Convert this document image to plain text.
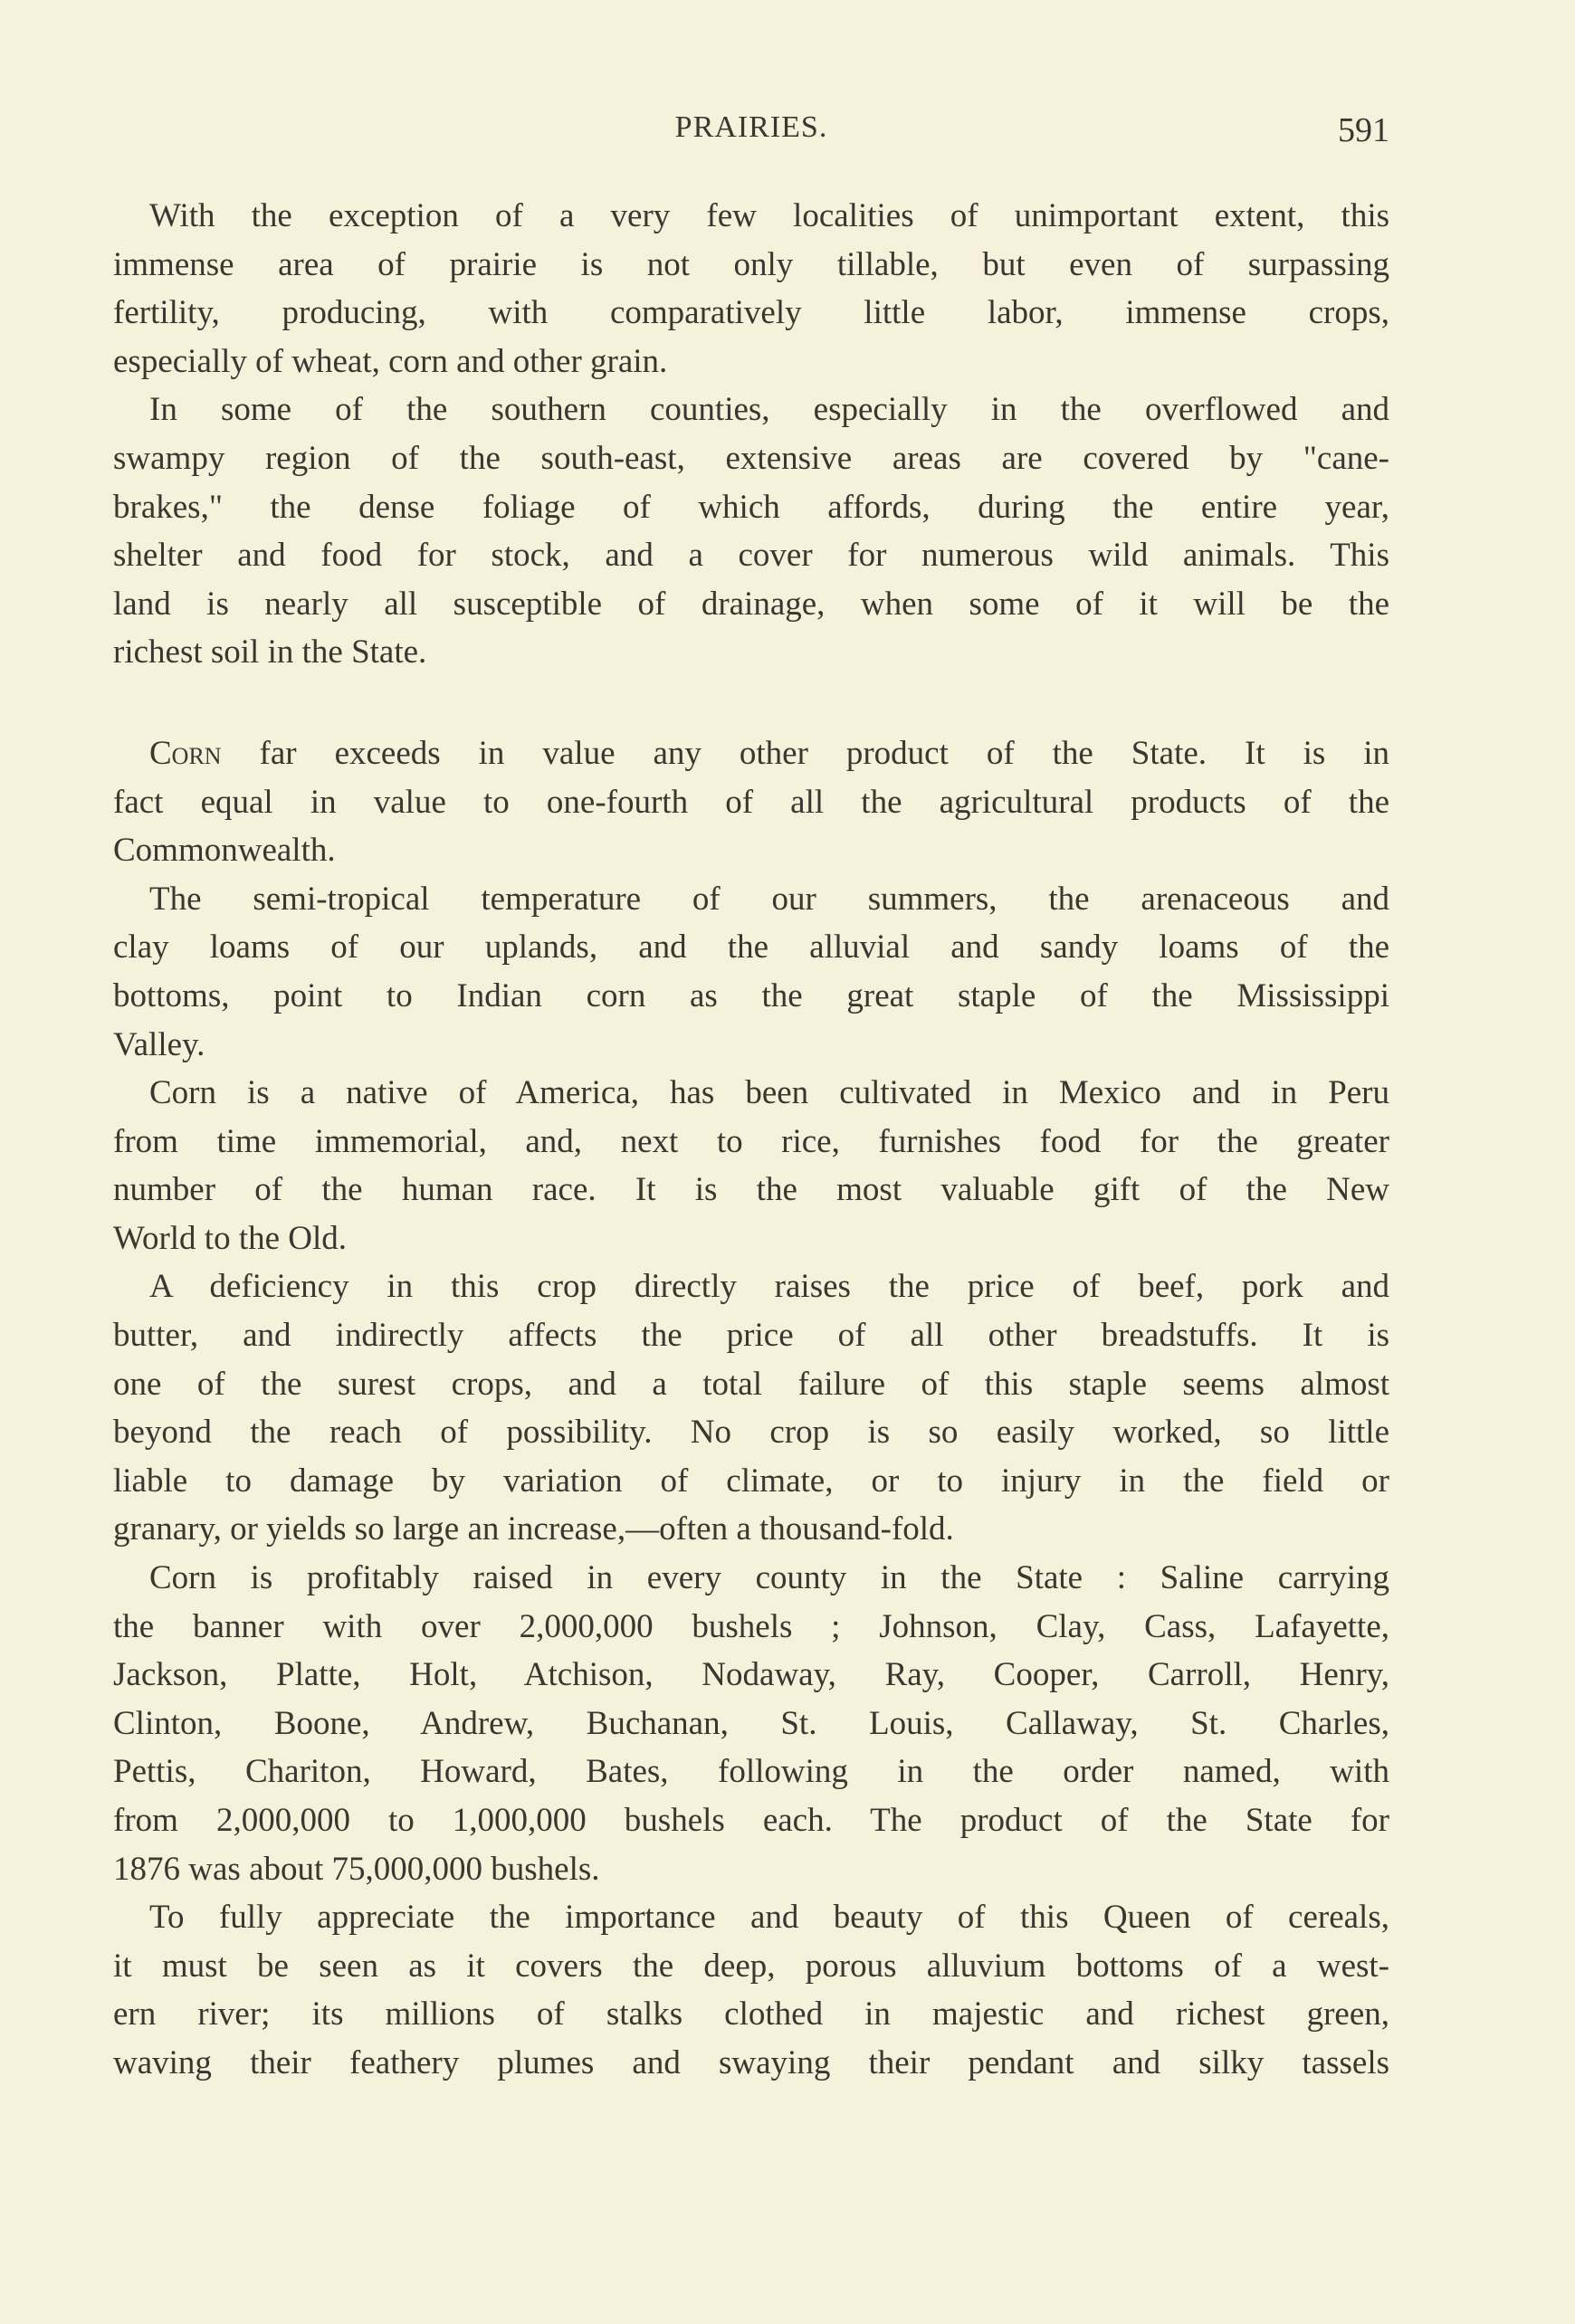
PRAIRIES.	591
With the exception of a very few localities of unimportant extent, this
immense area of prairie is not only tillable, but even of surpassing
fertility, producing, with comparatively little labor, immense crops,
especially of wheat, corn and other grain.
In some of the southern counties, especially in the overflowed and
swampy region of the south-east, extensive areas are covered by "cane-
brakes," the dense foliage of which affords, during the entire year,
shelter and food for stock, and a cover for numerous wild animals. This
land is nearly all susceptible of drainage, when some of it will be the
richest soil in the State.
Corn far exceeds in value any other product of the State. It is in
fact equal in value to one-fourth of all the agricultural products of the
Commonwealth.
The semi-tropical temperature of our summers, the arenaceous and
clay loams of our uplands, and the alluvial and sandy loams of the
bottoms, point to Indian corn as the great staple of the Mississippi
Valley.
Corn is a native of America, has been cultivated in Mexico and in Peru
from time immemorial, and, next to rice, furnishes food for the greater
number of the human race. It is the most valuable gift of the New
World to the Old.
A deficiency in this crop directly raises the price of beef, pork and
butter, and indirectly affects the price of all other breadstuffs. It is
one of the surest crops, and a total failure of this staple seems almost
beyond the reach of possibility. No crop is so easily worked, so little
liable to damage by variation of climate, or to injury in the field or
granary, or yields so large an increase,—often a thousand-fold.
Corn is profitably raised in every county in the State : Saline carrying
the banner with over 2,000,000 bushels ; Johnson, Clay, Cass, Lafayette,
Jackson, Platte, Holt, Atchison, Nodaway, Ray, Cooper, Carroll, Henry,
Clinton, Boone, Andrew, Buchanan, St. Louis, Callaway, St. Charles,
Pettis, Chariton, Howard, Bates, following in the order named, with
from 2,000,000 to 1,000,000 bushels each. The product of the State for
1876 was about 75,000,000 bushels.
To fully appreciate the importance and beauty of this Queen of cereals,
it must be seen as it covers the deep, porous alluvium bottoms of a west-
ern river; its millions of stalks clothed in majestic and richest green,
waving their feathery plumes and swaying their pendant and silky tassels
